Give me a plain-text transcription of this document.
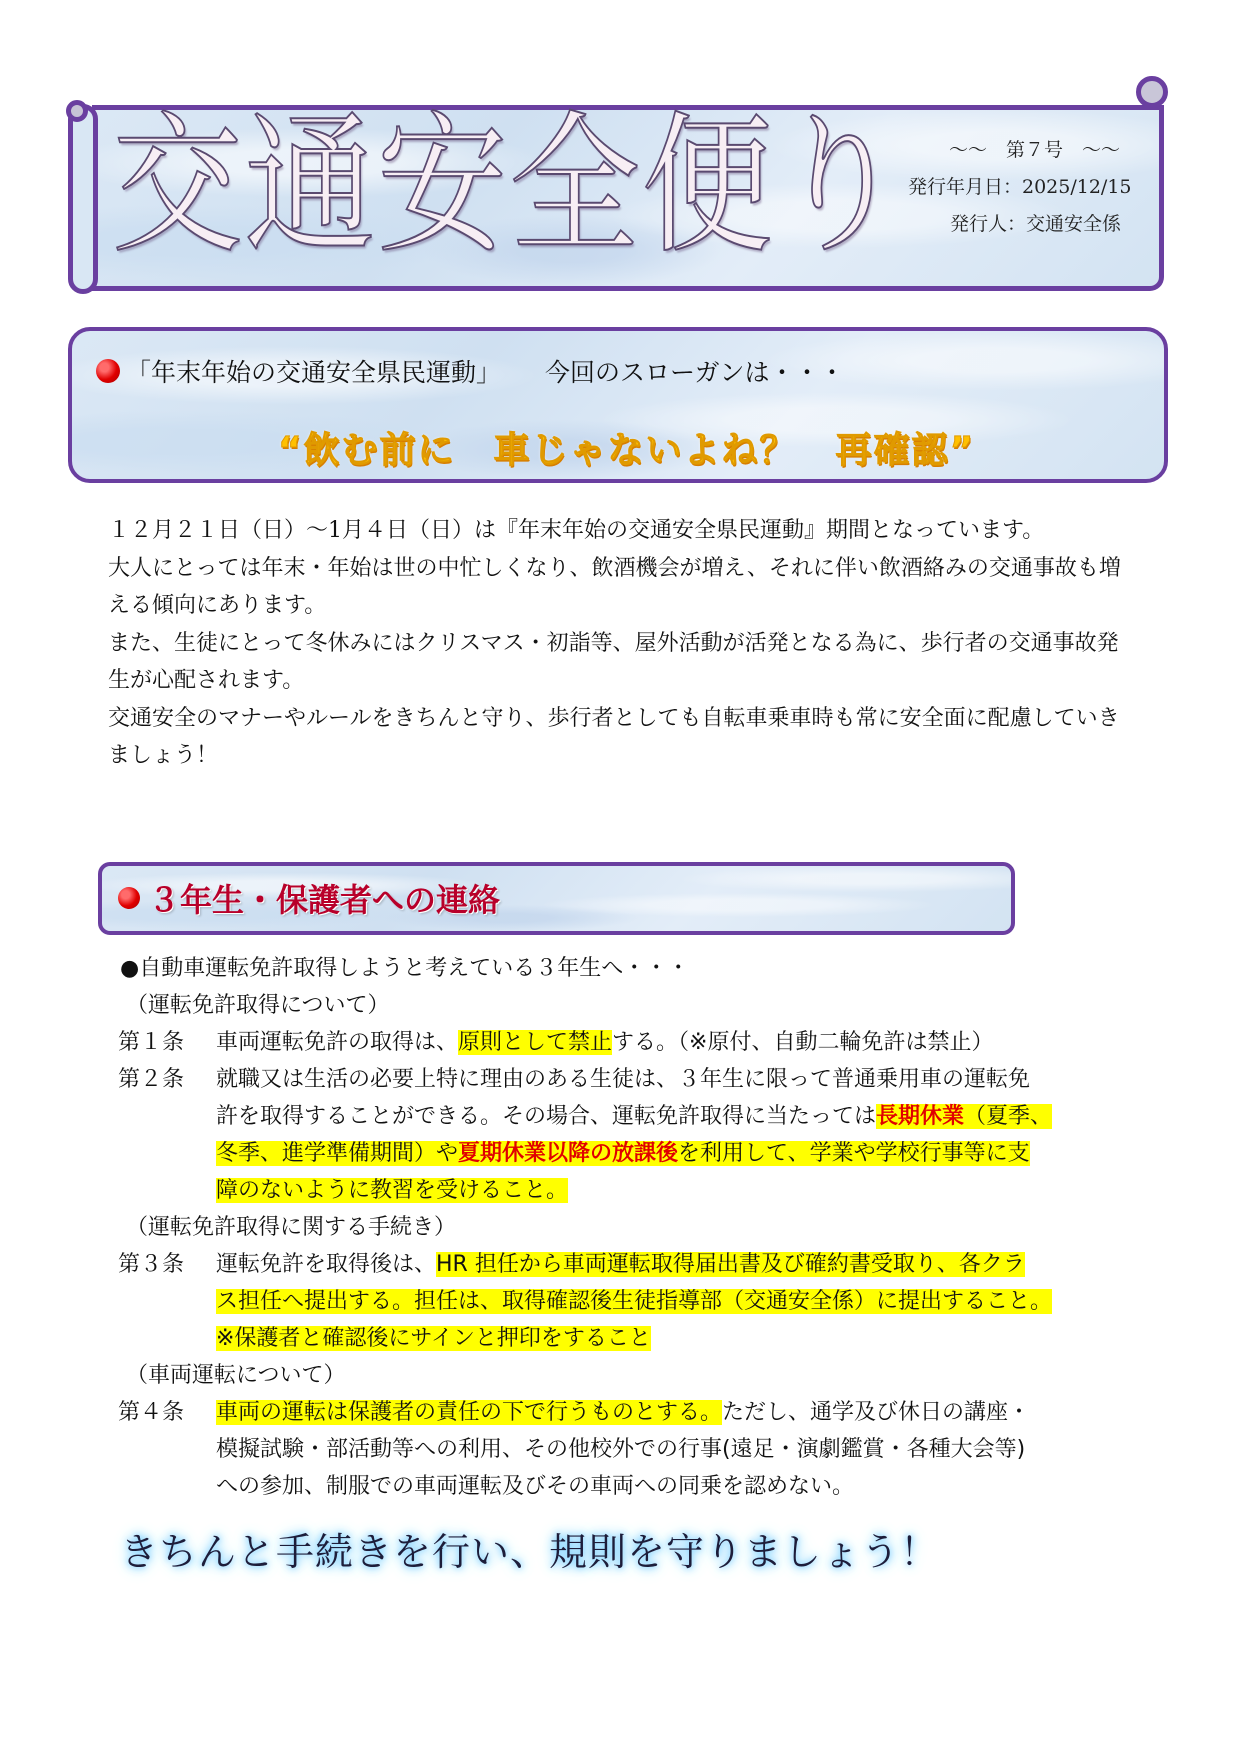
交通安全便り 〜〜　第７号　〜〜
発行年月日：2025/12/15
発行人：交通安全係
「年末年始の交通安全県民運動」 今回のスローガンは・・・
“飲む前に　車じゃないよね？　再確認”

１２月２１日（日）〜1月４日（日）は『年末年始の交通安全県民運動』期間となっています。

大人にとっては年末・年始は世の中忙しくなり、飲酒機会が増え、それに伴い飲酒絡みの交通事故も増える傾向にあります。

また、生徒にとって冬休みにはクリスマス・初詣等、屋外活動が活発となる為に、歩行者の交通事故発生が心配されます。

交通安全のマナーやルールをきちんと守り、歩行者としても自転車乗車時も常に安全面に配慮していきましょう！

３年生・保護者への連絡
●自動車運転免許取得しようと考えている３年生へ・・・
（運転免許取得について）
第１条 車両運転免許の取得は、原則として禁止する。（※原付、自動二輪免許は禁止）
第２条 就職又は生活の必要上特に理由のある生徒は、３年生に限って普通乗用車の運転免
許を取得することができる。その場合、運転免許取得に当たっては長期休業（夏季、
冬季、進学準備期間）や夏期休業以降の放課後を利用して、学業や学校行事等に支
障のないように教習を受けること。
（運転免許取得に関する手続き）
第３条 運転免許を取得後は、HR 担任から車両運転取得届出書及び確約書受取り、各クラ
ス担任へ提出する。担任は、取得確認後生徒指導部（交通安全係）に提出すること。
※保護者と確認後にサインと押印をすること
（車両運転について）
第４条 車両の運転は保護者の責任の下で行うものとする。ただし、通学及び休日の講座・
模擬試験・部活動等への利用、その他校外での行事(遠足・演劇鑑賞・各種大会等)
への参加、制服での車両運転及びその車両への同乗を認めない。
きちんと手続きを行い、規則を守りましょう！
